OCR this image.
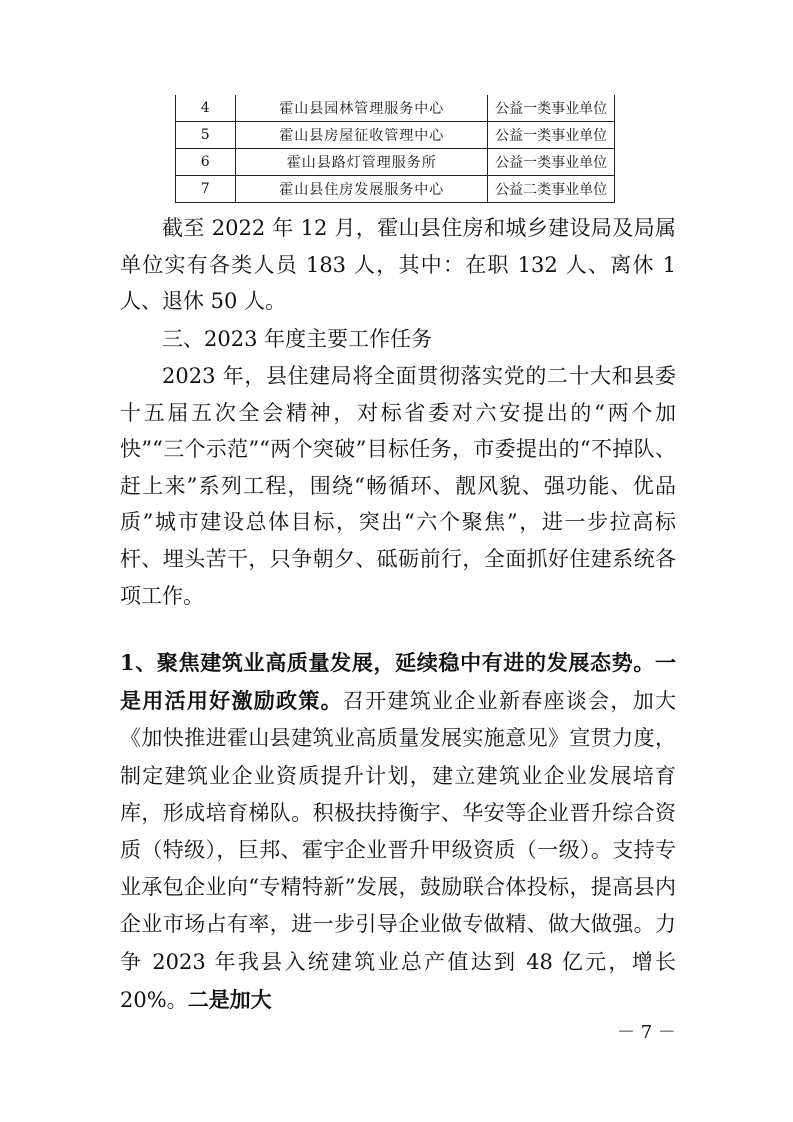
4	霍山县园林管理服务中心	公益一类事业单位
5	霍山县房屋征收管理中心	公益一类事业单位
6	霍山县路灯管理服务所	公益一类事业单位
7	霍山县住房发展服务中心	公益二类事业单位

截至 2022 年 12 月，霍山县住房和城乡建设局及局属单位实有各类人员 183 人，其中：在职 132 人、离休 1 人、退休 50 人。

三、2023 年度主要工作任务

2023 年，县住建局将全面贯彻落实党的二十大和县委十五届五次全会精神，对标省委对六安提出的“两个加快”“三个示范”“两个突破”目标任务，市委提出的“不掉队、赶上来”系列工程，围绕“畅循环、靓风貌、强功能、优品质”城市建设总体目标，突出“六个聚焦”，进一步拉高标杆、埋头苦干，只争朝夕、砥砺前行，全面抓好住建系统各项工作。

1、聚焦建筑业高质量发展，延续稳中有进的发展态势。一是用活用好激励政策。召开建筑业企业新春座谈会，加大《加快推进霍山县建筑业高质量发展实施意见》宣贯力度，制定建筑业企业资质提升计划，建立建筑业企业发展培育库，形成培育梯队。积极扶持衡宇、华安等企业晋升综合资质（特级），巨邦、霍宇企业晋升甲级资质（一级）。支持专业承包企业向“专精特新”发展，鼓励联合体投标，提高县内企业市场占有率，进一步引导企业做专做精、做大做强。力争 2023 年我县入统建筑业总产值达到 48 亿元，增长 20%。二是加大

－ 7 －
